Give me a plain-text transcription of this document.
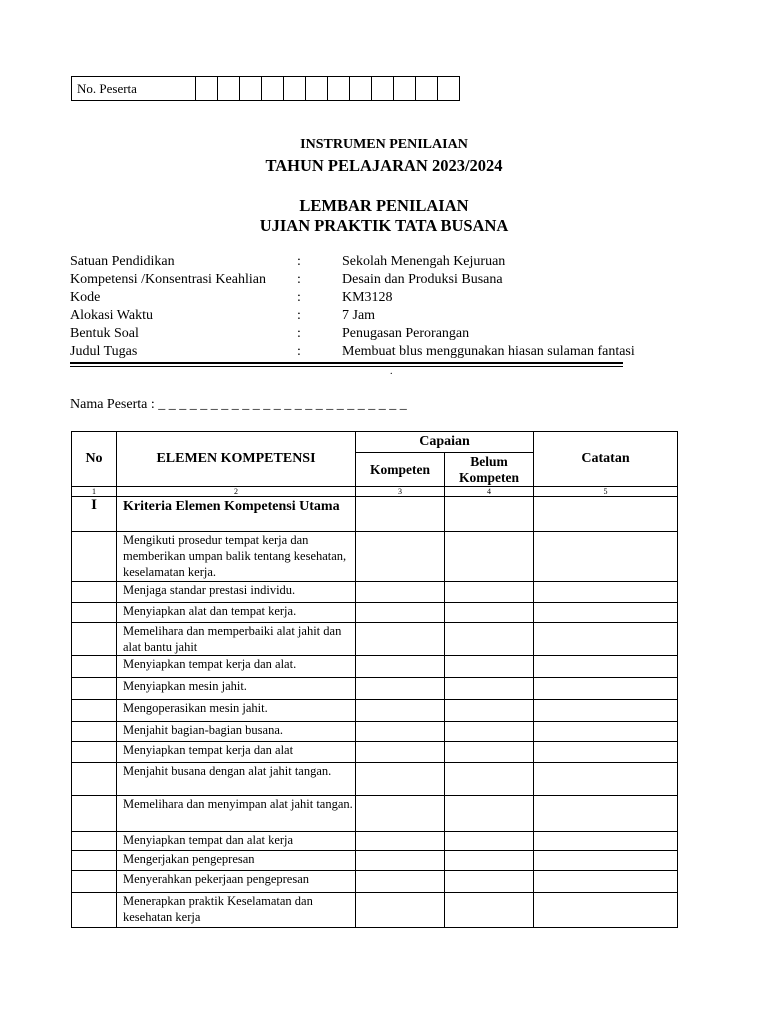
No. Peserta												
INSTRUMEN PENILAIAN
TAHUN PELAJARAN 2023/2024
LEMBAR PENILAIAN
UJIAN PRAKTIK TATA BUSANA
Satuan Pendidikan	:	Sekolah Menengah Kejuruan
Kompetensi /Konsentrasi Keahlian :	Desain dan Produksi Busana
Kode	:	KM3128
Alokasi Waktu	:	7 Jam
Bentuk Soal	:	Penugasan Perorangan
Judul Tugas	:	Membuat blus menggunakan hiasan sulaman fantasi
.
Nama Peserta : _ _ _ _ _ _ _ _ _ _ _ _ _ _ _ _ _ _ _ _ _ _ _ _
No	ELEMEN KOMPETENSI	Capaian		Catatan
		Kompeten	Belum Kompeten	
1	2	3	4	5
I	Kriteria Elemen Kompetensi Utama			
	Mengikuti prosedur tempat kerja dan memberikan umpan balik tentang kesehatan, keselamatan kerja.			
	Menjaga standar prestasi individu.			
	Menyiapkan alat dan tempat kerja.			
	Memelihara dan memperbaiki alat jahit dan alat bantu jahit			
	Menyiapkan tempat kerja dan alat.			
	Menyiapkan mesin jahit.			
	Mengoperasikan mesin jahit.			
	Menjahit bagian-bagian busana.			
	Menyiapkan tempat kerja dan alat			
	Menjahit busana dengan alat jahit tangan.			
	Memelihara dan menyimpan alat jahit tangan.			
	Menyiapkan tempat dan alat kerja			
	Mengerjakan pengepresan			
	Menyerahkan pekerjaan pengepresan			
	Menerapkan praktik Keselamatan dan kesehatan kerja			
